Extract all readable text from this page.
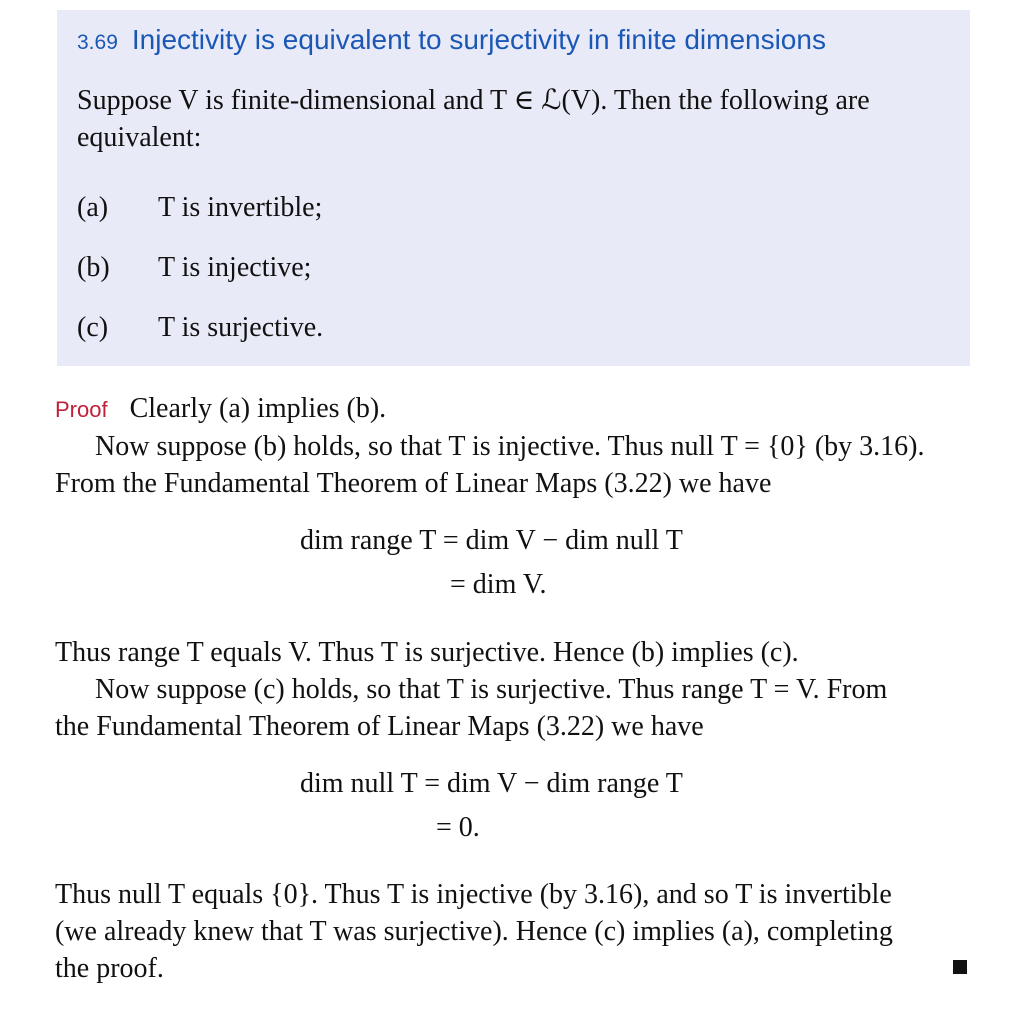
3.69 Injectivity is equivalent to surjectivity in finite dimensions
Suppose V is finite-dimensional and T ∈ ℒ(V). Then the following are
equivalent:
(a) T is invertible;
(b) T is injective;
(c) T is surjective.
Proof Clearly (a) implies (b).
Now suppose (b) holds, so that T is injective. Thus null T = {0} (by 3.16).
From the Fundamental Theorem of Linear Maps (3.22) we have
dim range T = dim V − dim null T
= dim V.
Thus range T equals V. Thus T is surjective. Hence (b) implies (c).
Now suppose (c) holds, so that T is surjective. Thus range T = V. From
the Fundamental Theorem of Linear Maps (3.22) we have
dim null T = dim V − dim range T
= 0.
Thus null T equals {0}. Thus T is injective (by 3.16), and so T is invertible
(we already knew that T was surjective). Hence (c) implies (a), completing
the proof.
